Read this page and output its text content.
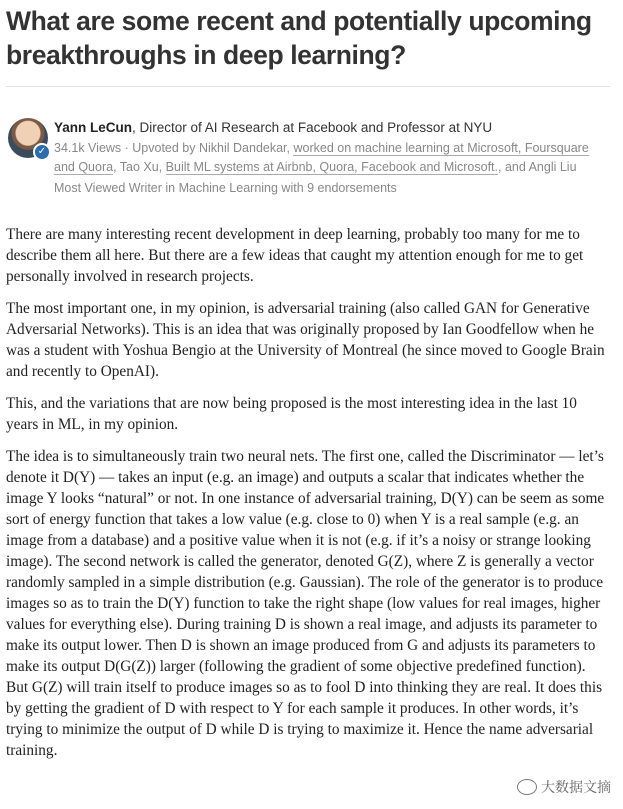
What are some recent and potentially upcoming breakthroughs in deep learning?
✓
Yann LeCun, Director of AI Research at Facebook and Professor at NYU
34.1k Views · Upvoted by Nikhil Dandekar, worked on machine learning at Microsoft, Foursquare and Quora, Tao Xu, Built ML systems at Airbnb, Quora, Facebook and Microsoft., and Angli Liu
Most Viewed Writer in Machine Learning with 9 endorsements

There are many interesting recent development in deep learning, probably too many for me to describe them all here. But there are a few ideas that caught my attention enough for me to get personally involved in research projects.

The most important one, in my opinion, is adversarial training (also called GAN for Generative Adversarial Networks). This is an idea that was originally proposed by Ian Goodfellow when he was a student with Yoshua Bengio at the University of Montreal (he since moved to Google Brain and recently to OpenAI).

This, and the variations that are now being proposed is the most interesting idea in the last 10 years in ML, in my opinion.

The idea is to simultaneously train two neural nets. The first one, called the Discriminator — let’s denote it D(Y) — takes an input (e.g. an image) and outputs a scalar that indicates whether the image Y looks “natural” or not. In one instance of adversarial training, D(Y) can be seem as some sort of energy function that takes a low value (e.g. close to 0) when Y is a real sample (e.g. an image from a database) and a positive value when it is not (e.g. if it’s a noisy or strange looking image). The second network is called the generator, denoted G(Z), where Z is generally a vector randomly sampled in a simple distribution (e.g. Gaussian). The role of the generator is to produce images so as to train the D(Y) function to take the right shape (low values for real images, higher values for everything else). During training D is shown a real image, and adjusts its parameter to make its output lower. Then D is shown an image produced from G and adjusts its parameters to make its output D(G(Z)) larger (following the gradient of some objective predefined function). But G(Z) will train itself to produce images so as to fool D into thinking they are real. It does this by getting the gradient of D with respect to Y for each sample it produces. In other words, it’s trying to minimize the output of D while D is trying to maximize it. Hence the name adversarial training.

大数据文摘
